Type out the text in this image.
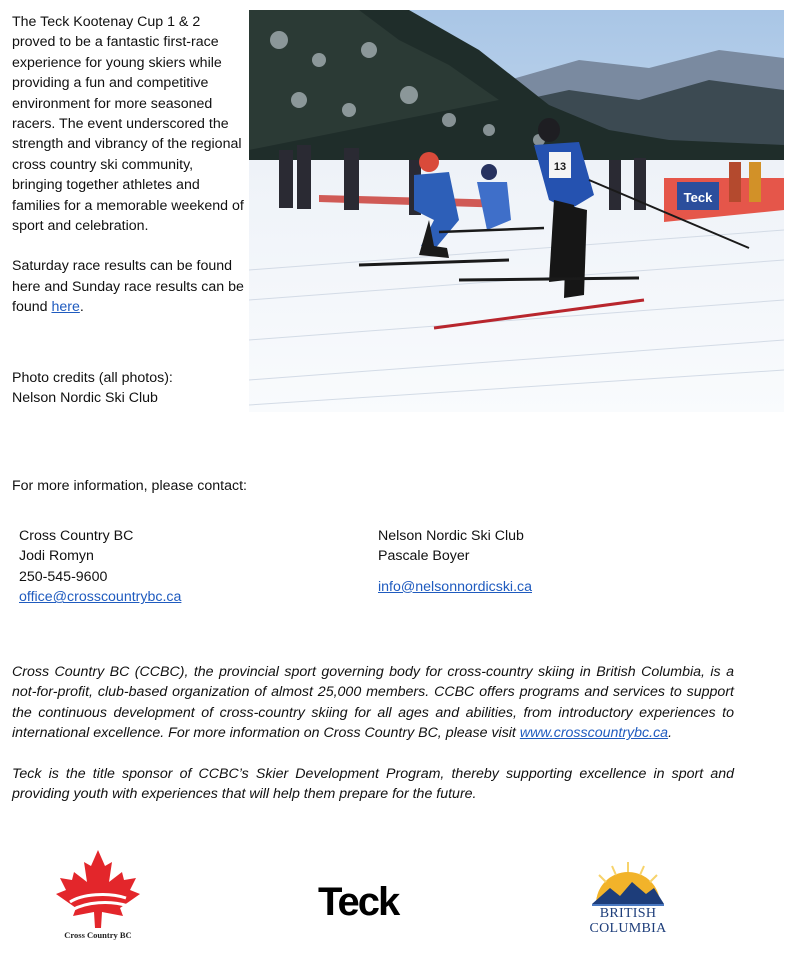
The Teck Kootenay Cup 1 & 2 proved to be a fantastic first-race experience for young skiers while providing a fun and competitive environment for more seasoned racers. The event underscored the strength and vibrancy of the regional cross country ski community, bringing together athletes and families for a memorable weekend of sport and celebration.

Saturday race results can be found here and Sunday race results can be found here.

Photo credits (all photos):
Nelson Nordic Ski Club

Teck
13
For more information, please contact:
Cross Country BC
Jodi Romyn
250-545-9600
office@crosscountrybc.ca
Nelson Nordic Ski Club
Pascale Boyer
info@nelsonnordicski.ca

Cross Country BC (CCBC), the provincial sport governing body for cross-country skiing in British Columbia, is a not-for-profit, club-based organization of almost 25,000 members. CCBC offers programs and services to support the continuous development of cross-country skiing for all ages and abilities, from introductory experiences to international excellence. For more information on Cross Country BC, please visit www.crosscountrybc.ca.

Teck is the title sponsor of CCBC’s Skier Development Program, thereby supporting excellence in sport and providing youth with experiences that will help them prepare for the future.

Cross Country BC
Teck	BRITISH
COLUMBIA
